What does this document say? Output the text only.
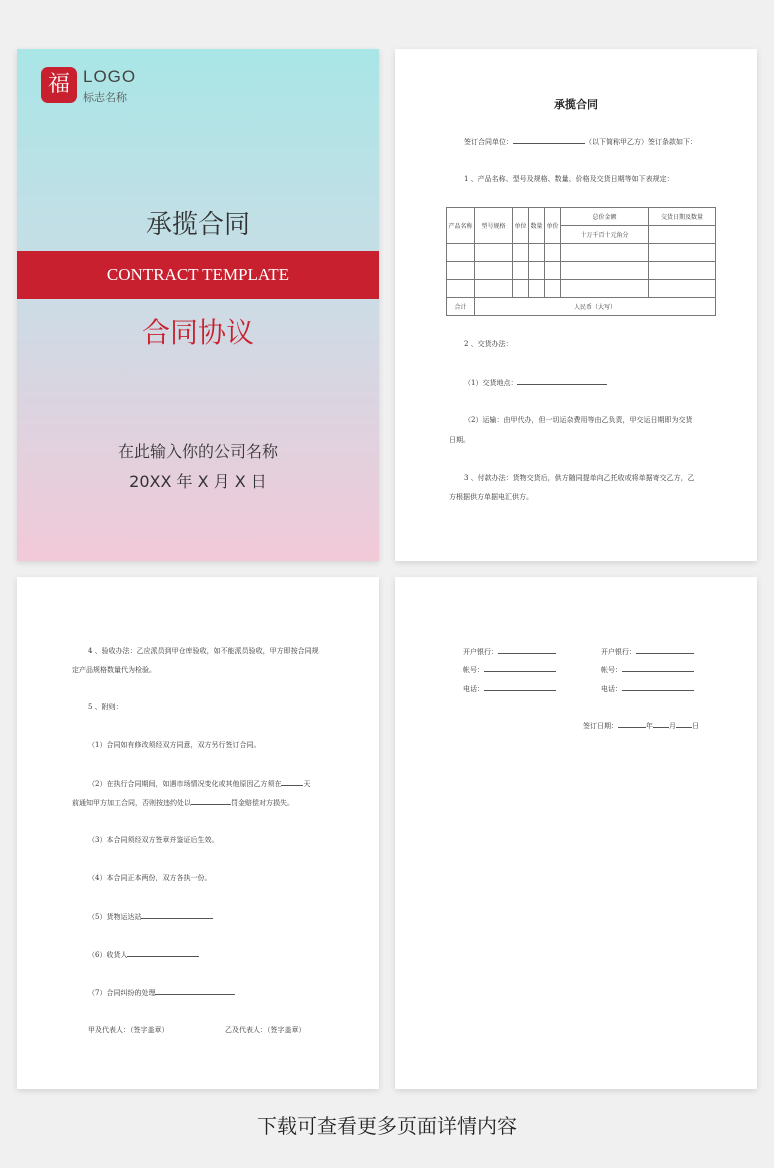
福 LOGO
标志名称
承揽合同
CONTRACT TEMPLATE
合同协议
在此输入你的公司名称
20XX 年 X 月 X 日
承揽合同
签订合同单位：	（以下简称甲乙方）签订条款如下：
1 、产品名称、型号及规格、数量、价格及交货日期等如下表规定：
产品名称	型号规格	单位	数量	单价	总价金额	交货日期及数量
					十万千百十元角分	

合计	人民币（大写）					
2 、交货办法：
（1）交货地点：
（2）运输：由甲代办，但一切运杂费用等由乙负责，甲交运日期即为交货
日期。
3 、付款办法：货物交货后，供方随同提单向乙托收或将单据寄交乙方，乙
方根据供方单据电汇供方。
4 、验收办法：乙应派员到甲仓库验收，如不能派员验收，甲方即按合同规
定产品规格数量代为检验。
5 、附则：
（1）合同如有修改须经双方同意，双方另行签订合同。
（2）在执行合同期间，如遇市场情况变化或其他原因乙方须在	天
前通知甲方加工合同，否则按违约处以	罚金赔偿对方损失。
（3）本合同须经双方签章并鉴证后生效。
（4）本合同正本两份，双方各执一份。
（5）货物运达站
（6）收货人
（7）合同纠纷的处理
甲及代表人：（签字盖章）	乙及代表人：（签字盖章）
开户银行：	开户银行：
帐号：	帐号：
电话：	电话：
签订日期：	年 月 日
下载可查看更多页面详情内容
